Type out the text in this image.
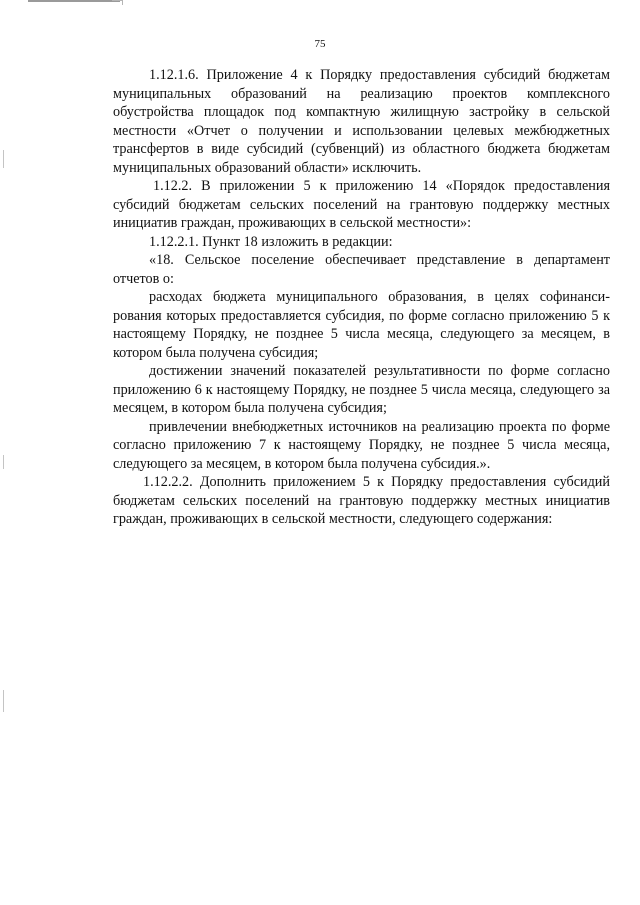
75

1.12.1.6. Приложение 4 к Порядку предоставления субсидий бюджетам муниципальных образований на реализацию проектов комплексного обустройства площадок под компактную жилищную застройку в сельской местности «Отчет о получении и использовании целевых межбюджетных трансфертов в виде субсидий (субвенций) из областного бюджета бюджетам муниципальных образований области» исключить.

1.12.2. В приложении 5 к приложению 14 «Порядок предоставления субсидий бюджетам сельских поселений на грантовую поддержку местных инициатив граждан, проживающих в сельской местности»:

1.12.2.1. Пункт 18 изложить в редакции:

«18. Сельское поселение обеспечивает представление в департамент отчетов о:

расходах бюджета муниципального образования, в целях софинансирования которых предоставляется субсидия, по форме согласно приложению 5 к настоящему Порядку, не позднее 5 числа месяца, следующего за месяцем, в котором была получена субсидия;

достижении значений показателей результативности по форме согласно приложению 6 к настоящему Порядку, не позднее 5 числа месяца, следующего за месяцем, в котором была получена субсидия;

привлечении внебюджетных источников на реализацию проекта по форме согласно приложению 7 к настоящему Порядку, не позднее 5 числа месяца, следующего за месяцем, в котором была получена субсидия.».

1.12.2.2. Дополнить приложением 5 к Порядку предоставления субсидий бюджетам сельских поселений на грантовую поддержку местных инициатив граждан, проживающих в сельской местности, следующего содержания:
